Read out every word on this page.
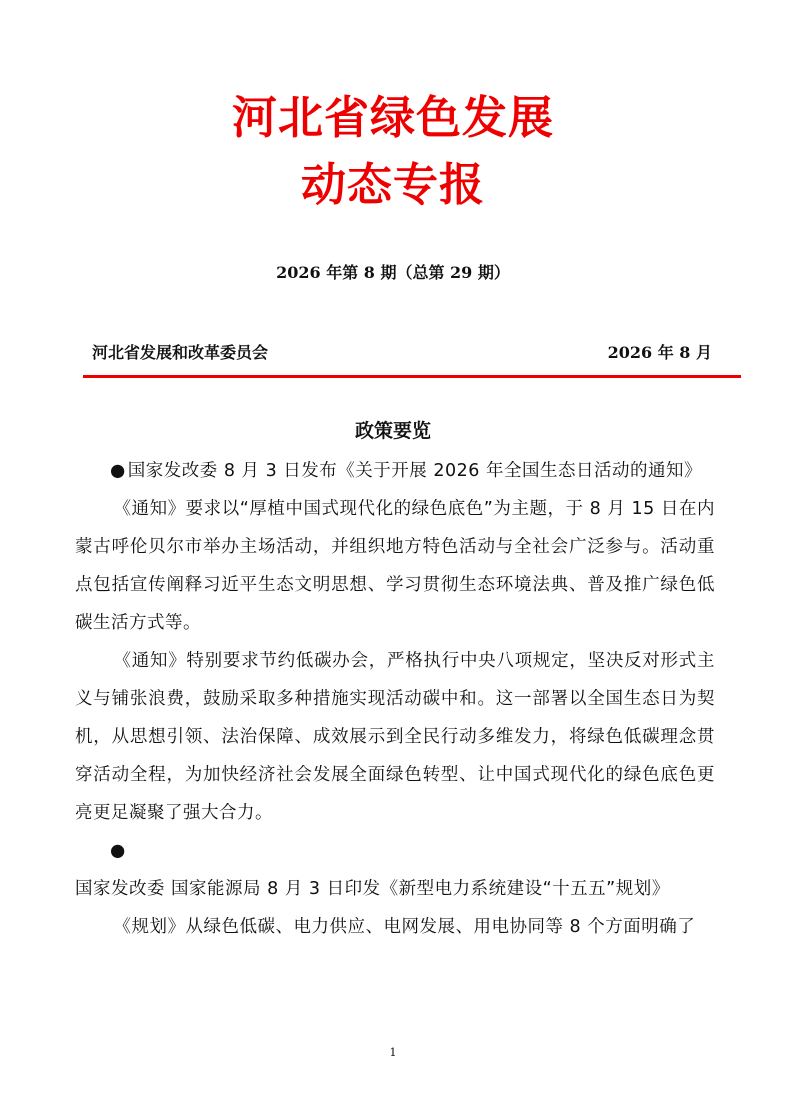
河北省绿色发展
动态专报
2026 年第 8 期（总第 29 期）
河北省发展和改革委员会	2026 年 8 月
政策要览

● 国家发改委 8 月 3 日发布《关于开展 2026 年全国生态日活动的通知》

《通知》要求以“厚植中国式现代化的绿色底色”为主题，于 8 月 15 日在内蒙古呼伦贝尔市举办主场活动，并组织地方特色活动与全社会广泛参与。活动重点包括宣传阐释习近平生态文明思想、学习贯彻生态环境法典、普及推广绿色低碳生活方式等。

《通知》特别要求节约低碳办会，严格执行中央八项规定，坚决反对形式主义与铺张浪费，鼓励采取多种措施实现活动碳中和。这一部署以全国生态日为契机，从思想引领、法治保障、成效展示到全民行动多维发力，将绿色低碳理念贯穿活动全程，为加快经济社会发展全面绿色转型、让中国式现代化的绿色底色更亮更足凝聚了强大合力。

●国家发改委 国家能源局 8 月 3 日印发《新型电力系统建设“十五五”规划》

《规划》从绿色低碳、电力供应、电网发展、用电协同等 8 个方面明确了

1
